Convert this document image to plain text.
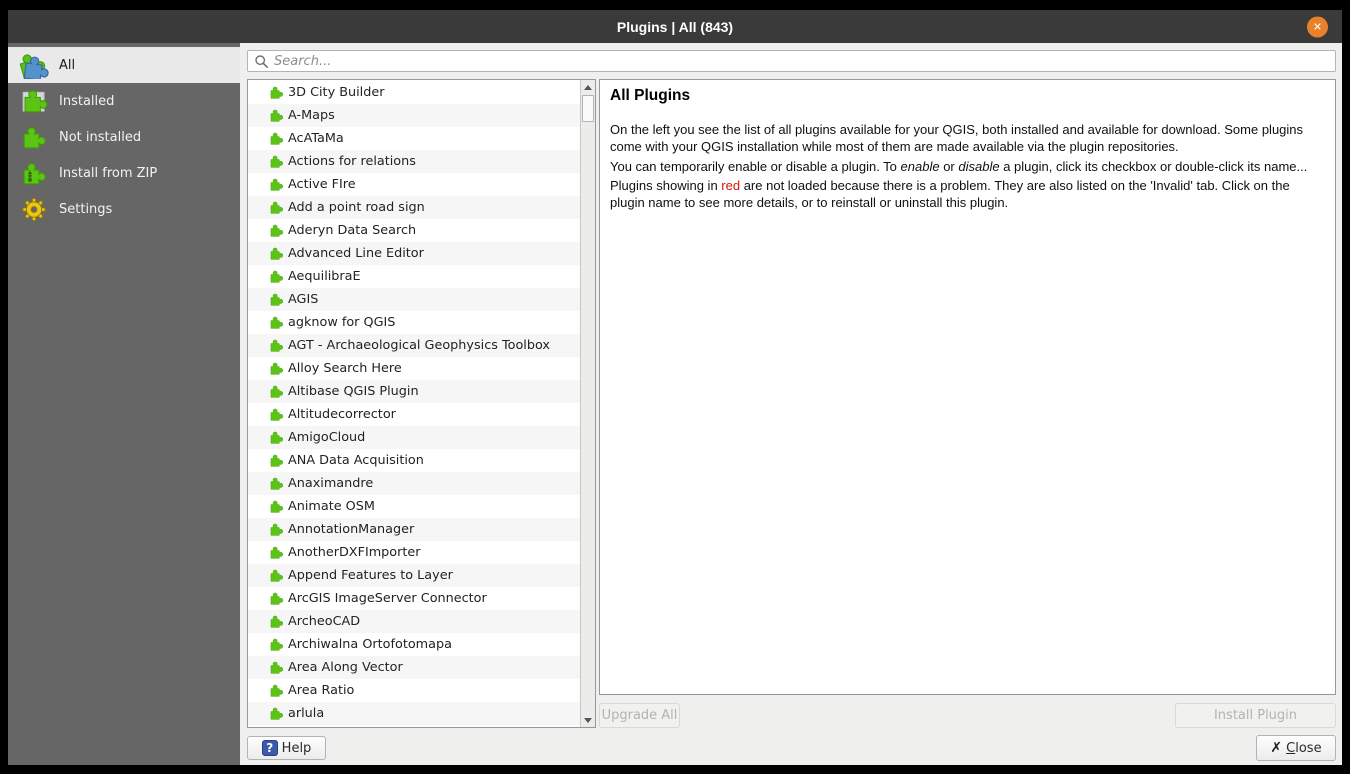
Plugins | All (843)	✕
All
Installed
Not installed
Install from ZIP
Settings
Search...
3D City Builder
A-Maps
AcATaMa
Actions for relations
Active FIre
Add a point road sign
Aderyn Data Search
Advanced Line Editor
AequilibraE
AGIS
agknow for QGIS
AGT - Archaeological Geophysics Toolbox
Alloy Search Here
Altibase QGIS Plugin
Altitudecorrector
AmigoCloud
ANA Data Acquisition
Anaximandre
Animate OSM
AnnotationManager
AnotherDXFImporter
Append Features to Layer
ArcGIS ImageServer Connector
ArcheoCAD
Archiwalna Ortofotomapa
Area Along Vector
Area Ratio
arlula
All Plugins

On the left you see the list of all plugins available for your QGIS, both installed and available for download. Some plugins come with your QGIS installation while most of them are made available via the plugin repositories.

You can temporarily enable or disable a plugin. To enable or disable a plugin, click its checkbox or double-click its name...

Plugins showing in red are not loaded because there is a problem. They are also listed on the 'Invalid' tab. Click on the plugin name to see more details, or to reinstall or uninstall this plugin.

Upgrade All	Install Plugin
? Help	✗ Close
